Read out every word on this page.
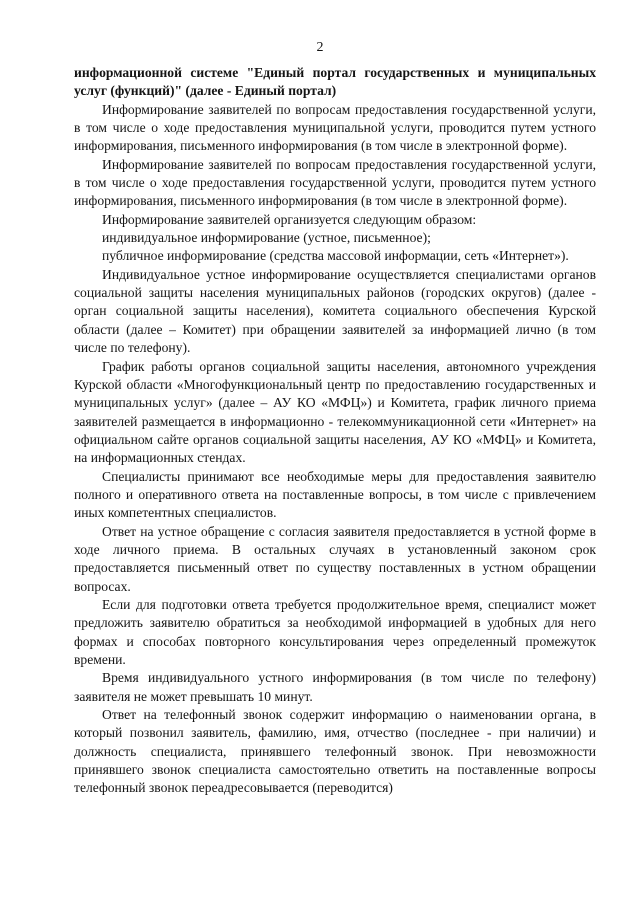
2

информационной системе "Единый портал государственных и муниципальных услуг (функций)" (далее - Единый портал)

Информирование заявителей по вопросам предоставления государственной услуги, в том числе о ходе предоставления муниципальной услуги, проводится путем устного информирования, письменного информирования (в том числе в электронной форме).

Информирование заявителей по вопросам предоставления государственной услуги, в том числе о ходе предоставления государственной услуги, проводится путем устного информирования, письменного информирования (в том числе в электронной форме).

Информирование заявителей организуется следующим образом:

индивидуальное информирование (устное, письменное);

публичное информирование (средства массовой информации, сеть «Интернет»).

Индивидуальное устное информирование осуществляется специалистами органов социальной защиты населения муниципальных районов (городских округов) (далее - орган социальной защиты населения), комитета социального обеспечения Курской области (далее – Комитет) при обращении заявителей за информацией лично (в том числе по телефону).

График работы органов социальной защиты населения, автономного учреждения Курской области «Многофункциональный центр по предоставлению государственных и муниципальных услуг» (далее – АУ КО «МФЦ») и Комитета, график личного приема заявителей размещается в информационно - телекоммуникационной сети «Интернет» на официальном сайте органов социальной защиты населения, АУ КО «МФЦ» и Комитета, на информационных стендах.

Специалисты принимают все необходимые меры для предоставления заявителю полного и оперативного ответа на поставленные вопросы, в том числе с привлечением иных компетентных специалистов.

Ответ на устное обращение с согласия заявителя предоставляется в устной форме в ходе личного приема. В остальных случаях в установленный законом срок предоставляется письменный ответ по существу поставленных в устном обращении вопросах.

Если для подготовки ответа требуется продолжительное время, специалист может предложить заявителю обратиться за необходимой информацией в удобных для него формах и способах повторного консультирования через определенный промежуток времени.

Время индивидуального устного информирования (в том числе по телефону) заявителя не может превышать 10 минут.

Ответ на телефонный звонок содержит информацию о наименовании органа, в который позвонил заявитель, фамилию, имя, отчество (последнее - при наличии) и должность специалиста, принявшего телефонный звонок. При невозможности принявшего звонок специалиста самостоятельно ответить на поставленные вопросы телефонный звонок переадресовывается (переводится)
